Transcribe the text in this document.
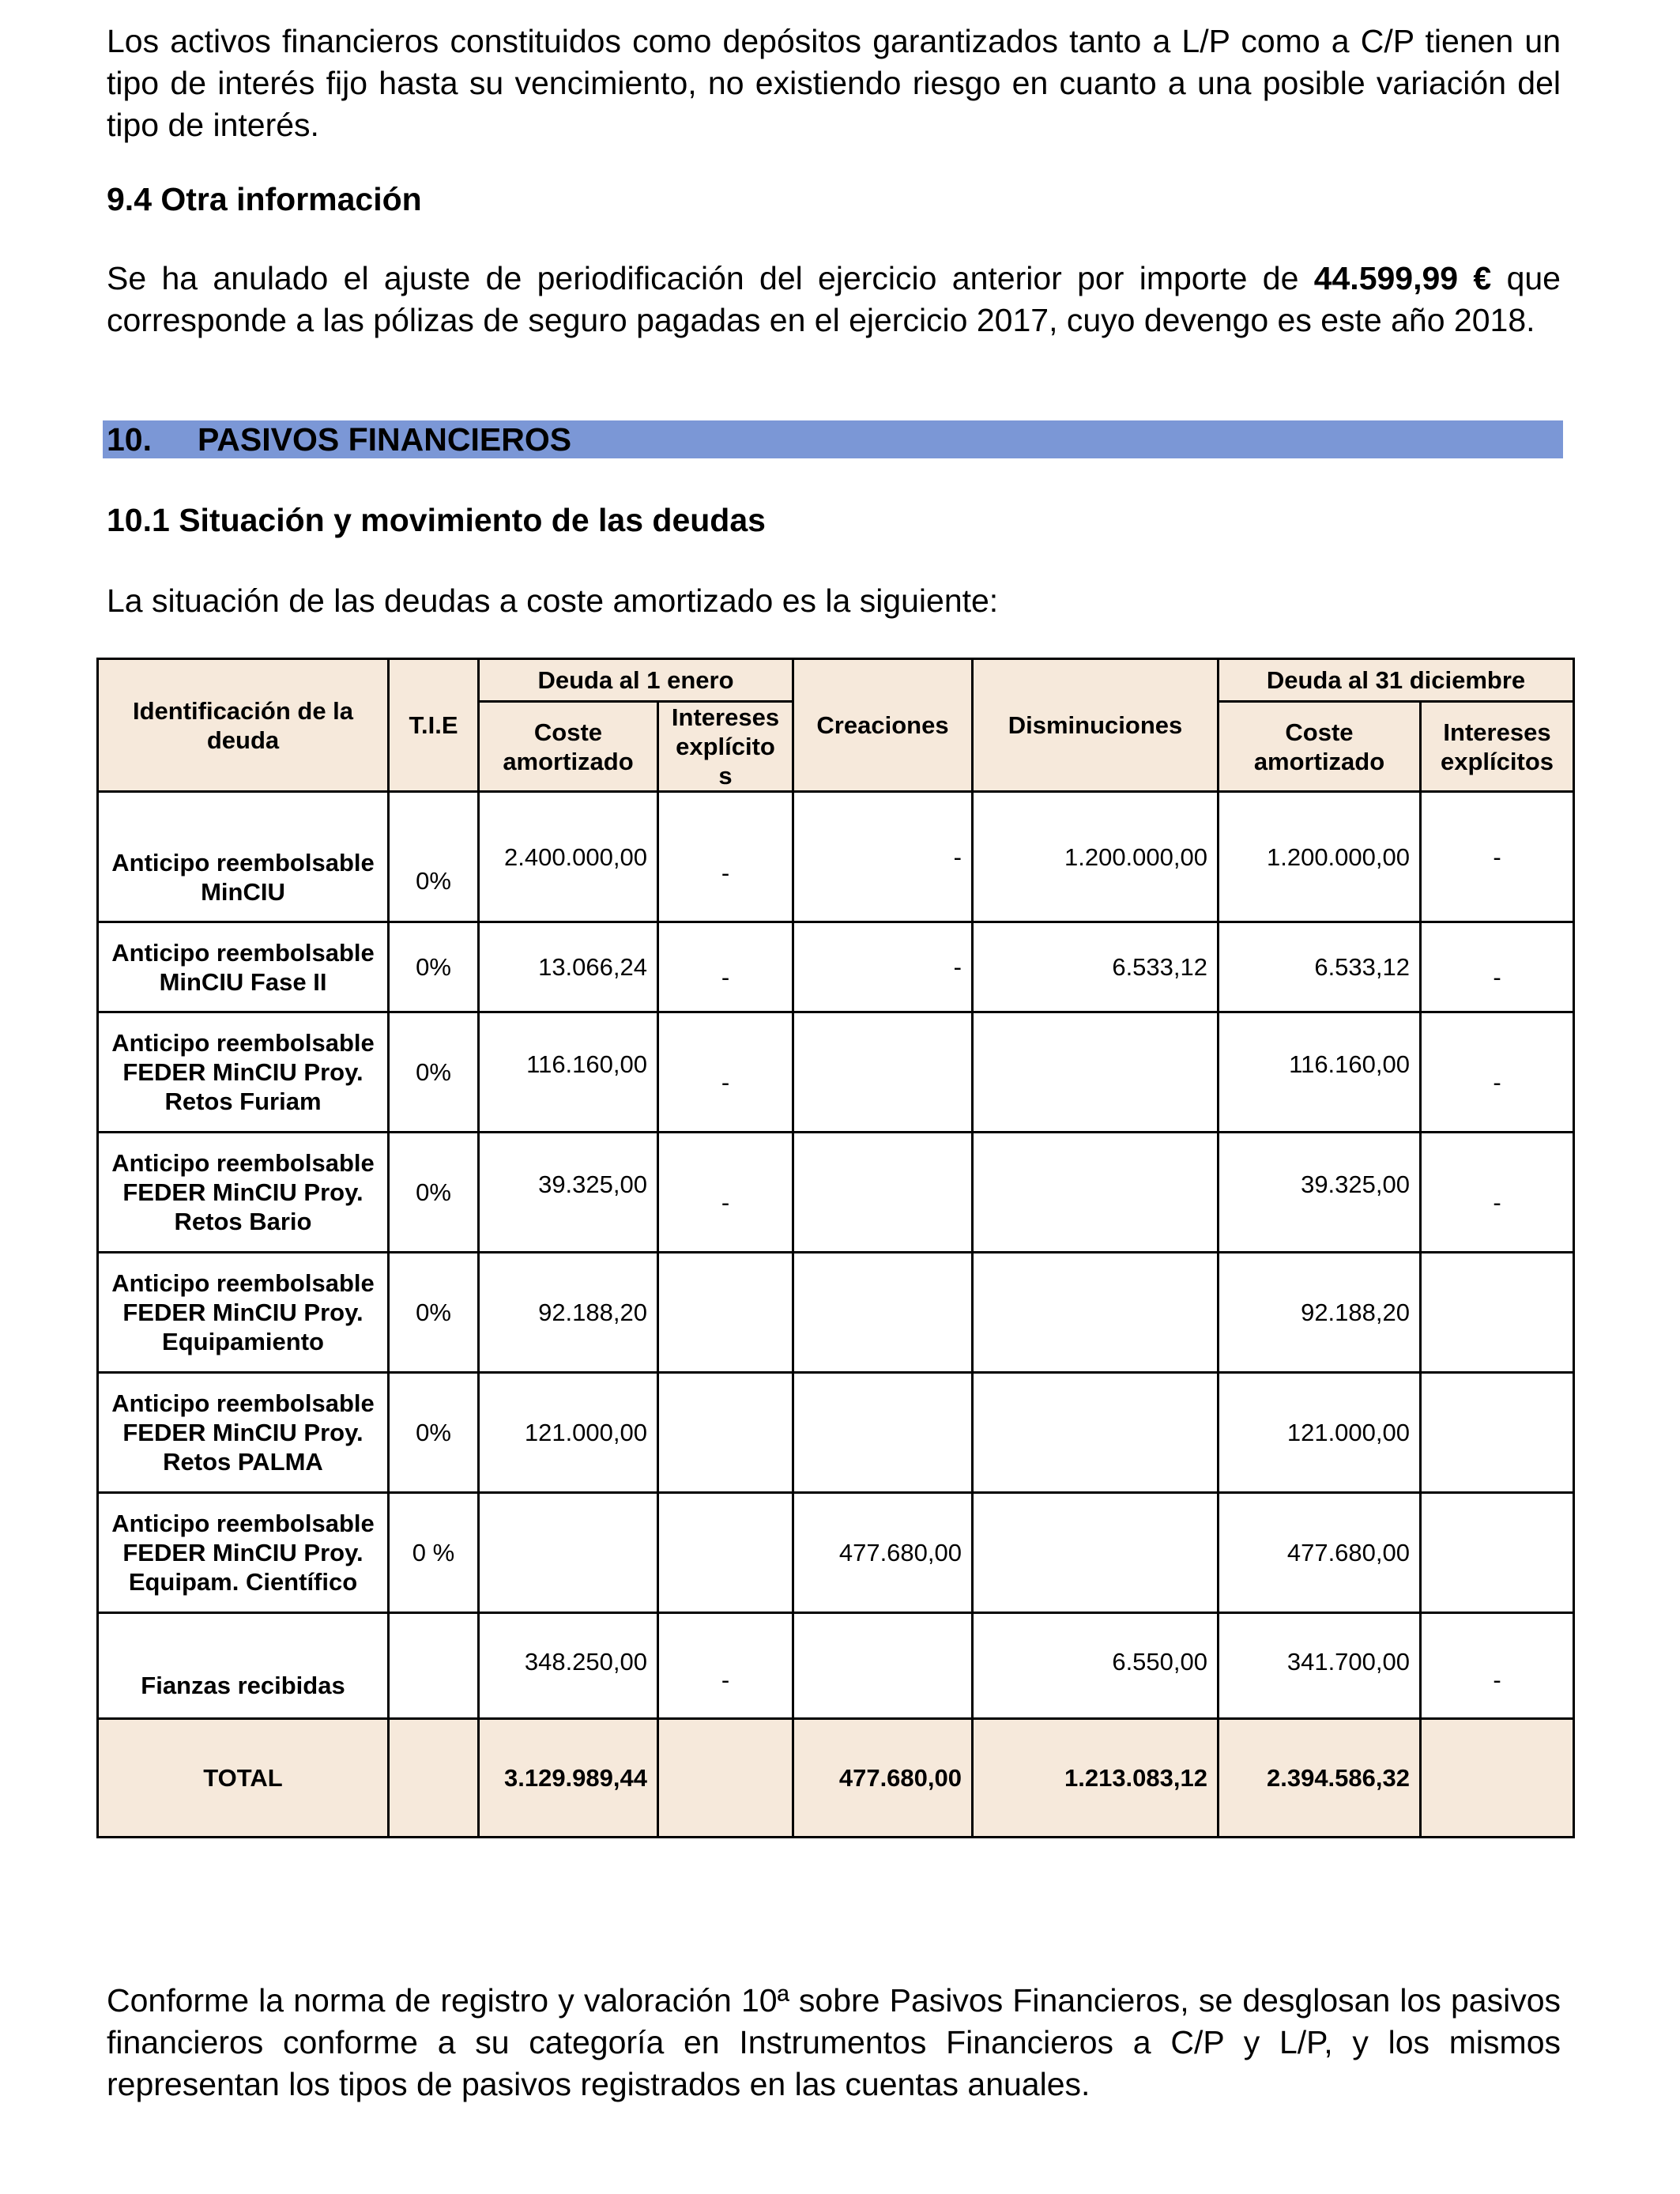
Los activos financieros constituidos como depósitos garantizados tanto a L/P como a C/P tienen un tipo de interés fijo hasta su vencimiento, no existiendo riesgo en cuanto a una posible variación del tipo de interés.

9.4 Otra información

Se ha anulado el ajuste de periodificación del ejercicio anterior por importe de 44.599,99 € que corresponde a las pólizas de seguro pagadas en el ejercicio 2017, cuyo devengo es este año 2018.

10. PASIVOS FINANCIEROS
10.1 Situación y movimiento de las deudas

La situación de las deudas a coste amortizado es la siguiente:

Identificación de la deuda	T.I.E	Deuda al 1 enero		Creaciones	Disminuciones	Deuda al 31 diciembre	
		Coste amortizado	Intereses explícito s			Coste amortizado	Intereses explícitos
Anticipo reembolsable MinCIU	0%	2.400.000,00	-	-	1.200.000,00	1.200.000,00	-
Anticipo reembolsable MinCIU Fase II	0%	13.066,24	-	-	6.533,12	6.533,12	-
Anticipo reembolsable FEDER MinCIU Proy. Retos Furiam	0%	116.160,00	-			116.160,00	-
Anticipo reembolsable FEDER MinCIU Proy. Retos Bario	0%	39.325,00	-			39.325,00	-
Anticipo reembolsable FEDER MinCIU Proy. Equipamiento	0%	92.188,20				92.188,20	
Anticipo reembolsable FEDER MinCIU Proy. Retos PALMA	0%	121.000,00				121.000,00	
Anticipo reembolsable FEDER MinCIU Proy. Equipam. Científico	0 %			477.680,00		477.680,00	
Fianzas recibidas		348.250,00	-		6.550,00	341.700,00	-
TOTAL		3.129.989,44		477.680,00	1.213.083,12	2.394.586,32	

Conforme la norma de registro y valoración 10ª sobre Pasivos Financieros, se desglosan los pasivos financieros conforme a su categoría en Instrumentos Financieros a C/P y L/P, y los mismos representan los tipos de pasivos registrados en las cuentas anuales.
